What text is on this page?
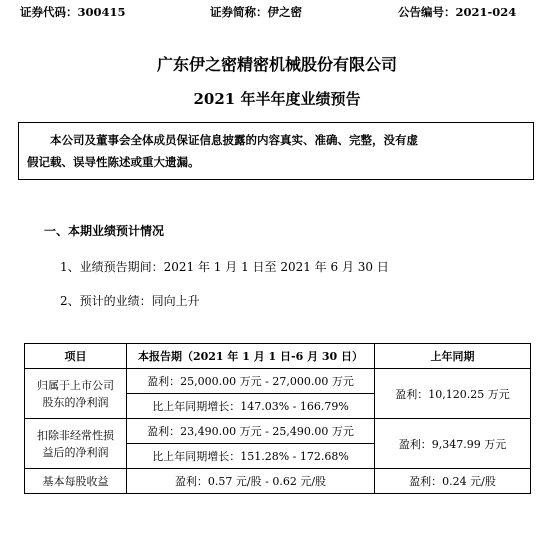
证券代码：300415	证券简称：伊之密	公告编号：2021-024
广东伊之密精密机械股份有限公司
2021 年半年度业绩预告

本公司及董事会全体成员保证信息披露的内容真实、准确、完整，没有虚

假记载、误导性陈述或重大遗漏。

一、本期业绩预计情况
1、业绩预告期间：2021 年 1 月 1 日至 2021 年 6 月 30 日
2、预计的业绩：同向上升
项目	本报告期（2021 年 1 月 1 日-6 月 30 日）	上年同期
归属于上市公司
股东的净利润	盈利：25,000.00 万元 - 27,000.00 万元	盈利：10,120.25 万元
	比上年同期增长：147.03% - 166.79%	
扣除非经常性损
益后的净利润	盈利：23,490.00 万元 - 25,490.00 万元	盈利：9,347.99 万元
	比上年同期增长：151.28% - 172.68%	
基本每股收益	盈利：0.57 元/股 - 0.62 元/股	盈利：0.24 元/股
